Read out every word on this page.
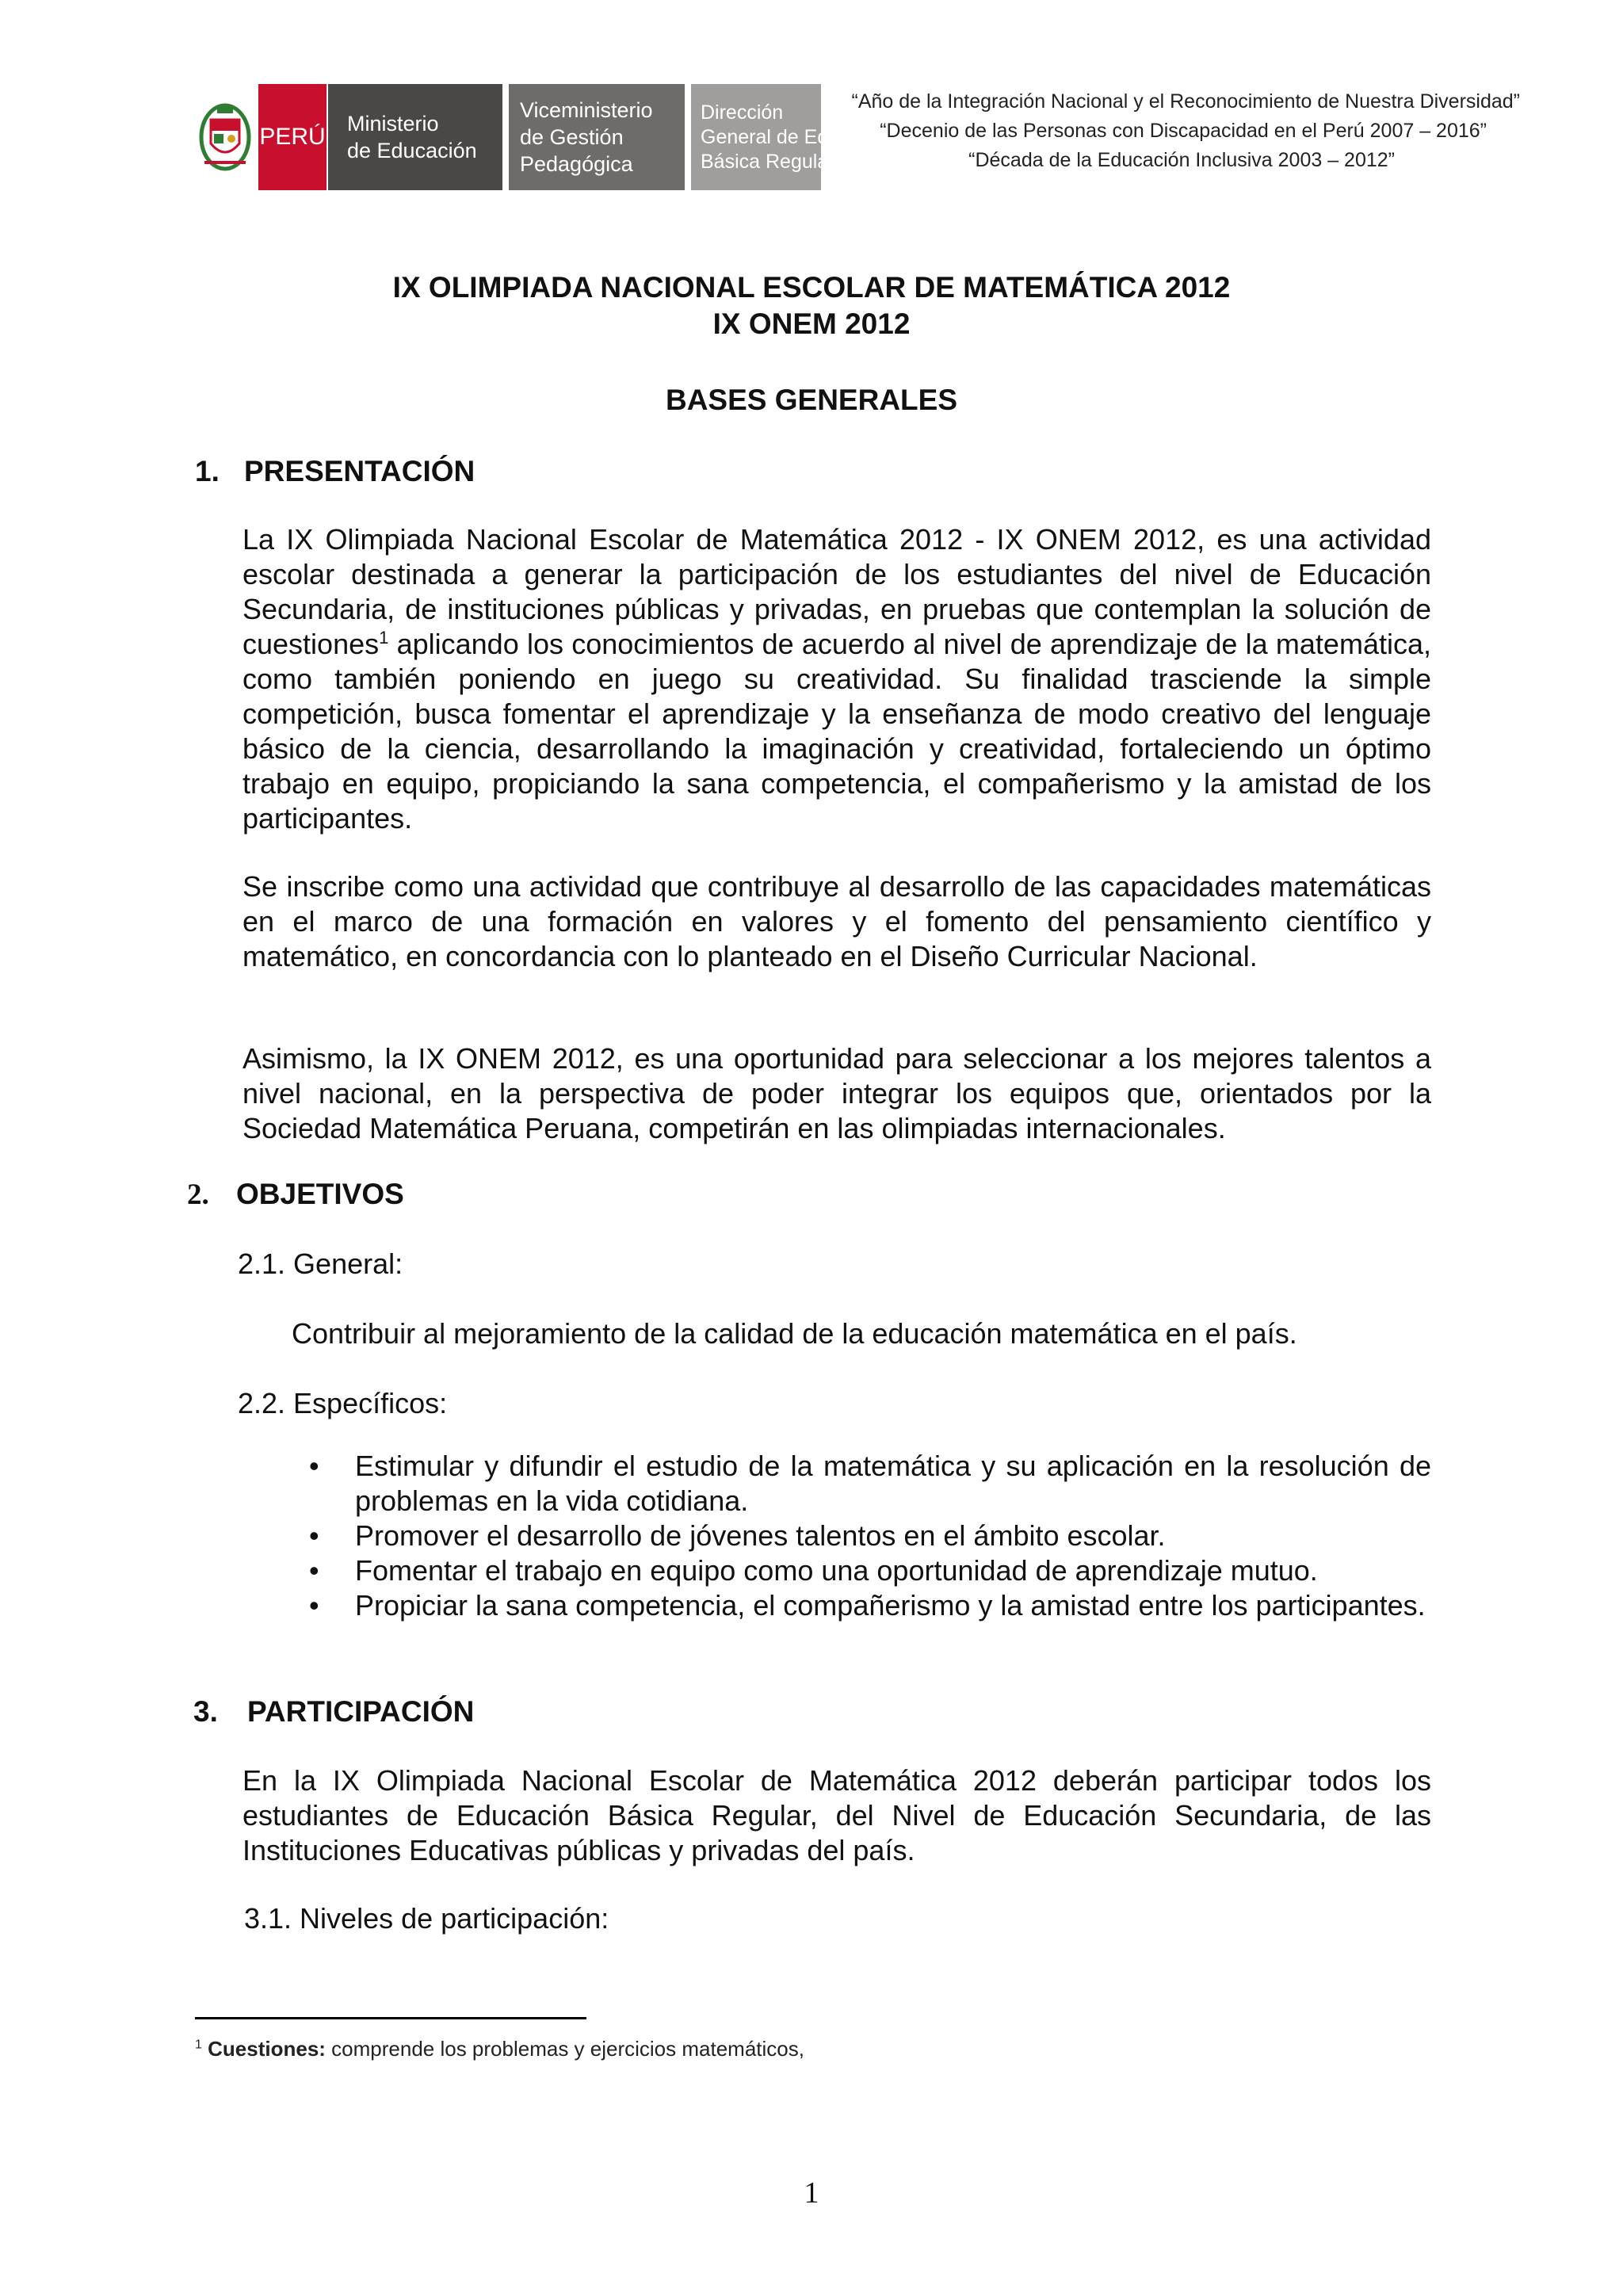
PERÚ Ministerio
de Educación
Viceministerio
de Gestión Pedagógica
Dirección
General de Educación
Básica Regular
“Año de la Integración Nacional y el Reconocimiento de Nuestra Diversidad”
“Decenio de las Personas con Discapacidad en el Perú 2007 – 2016”
“Década de la Educación Inclusiva 2003 – 2012”
IX OLIMPIADA NACIONAL ESCOLAR DE MATEMÁTICA 2012
IX ONEM 2012
BASES GENERALES
1. PRESENTACIÓN
La IX Olimpiada Nacional Escolar de Matemática 2012 - IX ONEM 2012, es una actividad escolar destinada a generar la participación de los estudiantes del nivel de Educación Secundaria, de instituciones públicas y privadas, en pruebas que contemplan la solución de cuestiones$^1$ aplicando los conocimientos de acuerdo al nivel de aprendizaje de la matemática, como también poniendo en juego su creatividad. Su finalidad trasciende la simple competición, busca fomentar el aprendizaje y la enseñanza de modo creativo del lenguaje básico de la ciencia, desarrollando la imaginación y creatividad, fortaleciendo un óptimo trabajo en equipo, propiciando la sana competencia, el compañerismo y la amistad de los participantes.
Se inscribe como una actividad que contribuye al desarrollo de las capacidades matemáticas en el marco de una formación en valores y el fomento del pensamiento científico y matemático, en concordancia con lo planteado en el Diseño Curricular Nacional.
Asimismo, la IX ONEM 2012, es una oportunidad para seleccionar a los mejores talentos a nivel nacional, en la perspectiva de poder integrar los equipos que, orientados por la Sociedad Matemática Peruana, competirán en las olimpiadas internacionales.
2. OBJETIVOS
2.1. General:
Contribuir al mejoramiento de la calidad de la educación matemática en el país.
2.2. Específicos:
• Estimular y difundir el estudio de la matemática y su aplicación en la resolución de problemas en la vida cotidiana.
• Promover el desarrollo de jóvenes talentos en el ámbito escolar.
• Fomentar el trabajo en equipo como una oportunidad de aprendizaje mutuo.
• Propiciar la sana competencia, el compañerismo y la amistad entre los participantes.
3. PARTICIPACIÓN
En la IX Olimpiada Nacional Escolar de Matemática 2012 deberán participar todos los estudiantes de Educación Básica Regular, del Nivel de Educación Secundaria, de las Instituciones Educativas públicas y privadas del país.
3.1. Niveles de participación:
$^1$ Cuestiones: comprende los problemas y ejercicios matemáticos,
1
